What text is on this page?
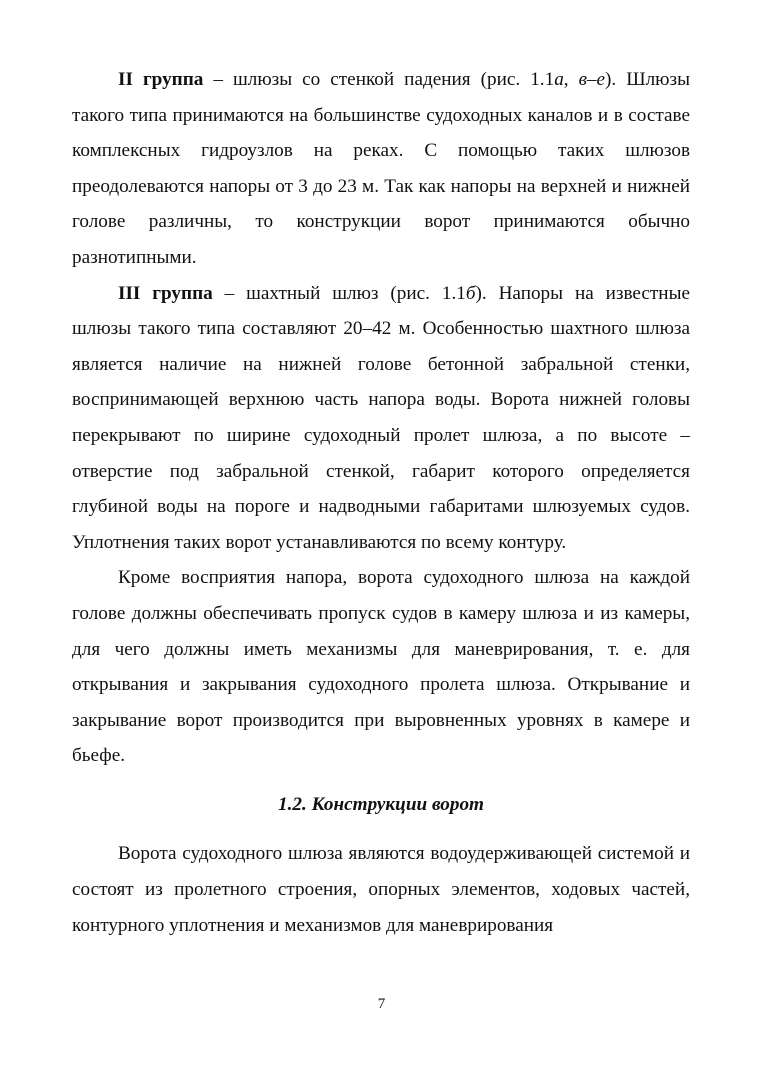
II группа – шлюзы со стенкой падения (рис. 1.1а, в–е). Шлюзы такого типа принимаются на большинстве судоходных каналов и в составе комплексных гидроузлов на реках. С помощью таких шлюзов преодолеваются напоры от 3 до 23 м. Так как напоры на верхней и нижней голове различны, то конструкции ворот принимаются обычно разнотипными.

III группа – шахтный шлюз (рис. 1.1б). Напоры на известные шлюзы такого типа составляют 20–42 м. Особенностью шахтного шлюза является наличие на нижней голове бетонной забральной стенки, воспринимающей верхнюю часть напора воды. Ворота нижней головы перекрывают по ширине судоходный пролет шлюза, а по высоте – отверстие под забральной стенкой, габарит которого определяется глубиной воды на пороге и надводными габаритами шлюзуемых судов. Уплотнения таких ворот устанавливаются по всему контуру.

Кроме восприятия напора, ворота судоходного шлюза на каждой голове должны обеспечивать пропуск судов в камеру шлюза и из камеры, для чего должны иметь механизмы для маневрирования, т. е. для открывания и закрывания судоходного пролета шлюза. Открывание и закрывание ворот производится при выровненных уровнях в камере и бьефе.

1.2. Конструкции ворот

Ворота судоходного шлюза являются водоудерживающей системой и состоят из пролетного строения, опорных элементов, ходовых частей, контурного уплотнения и механизмов для маневрирования

7
